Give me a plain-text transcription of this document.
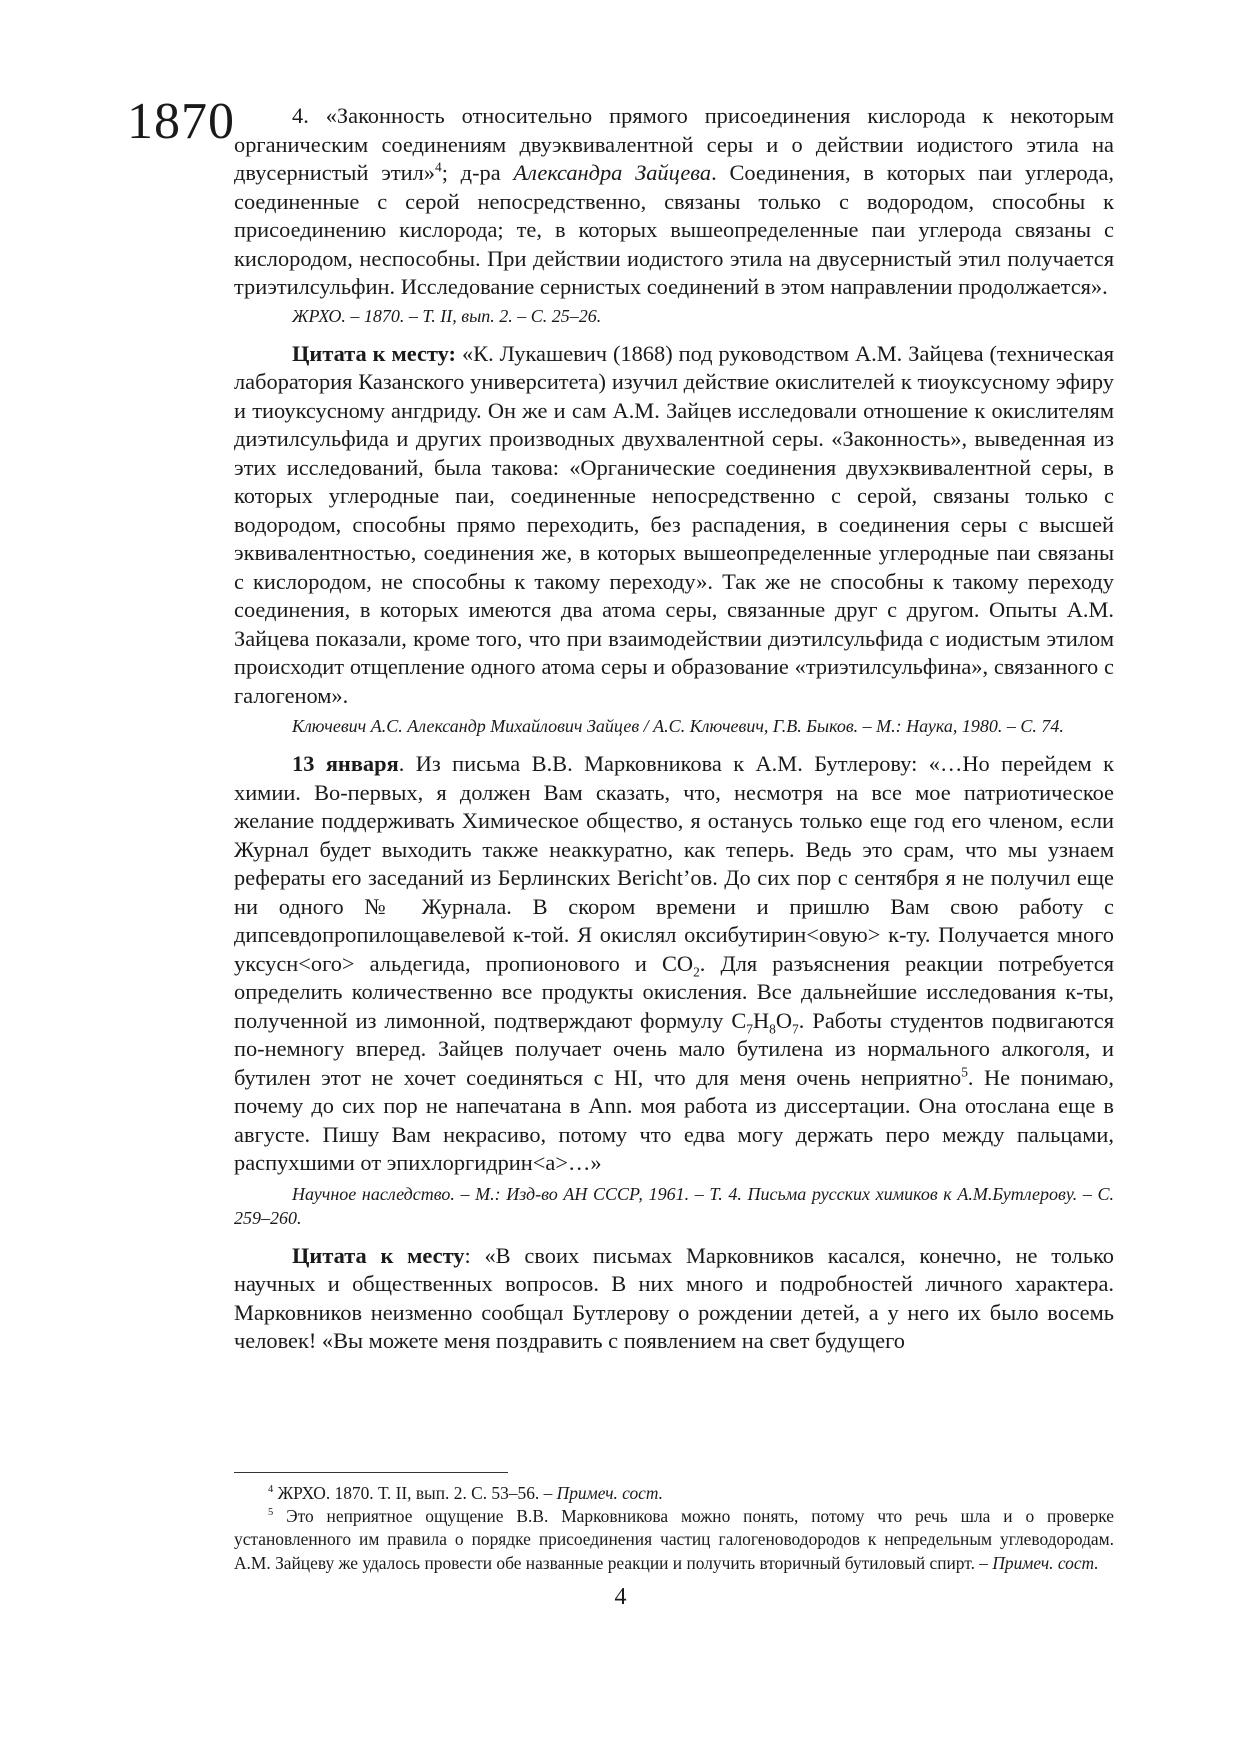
1870	4. «Законность относительно прямого присоединения кислорода к некоторым органическим соединениям двуэквивалентной серы и о действии иодистого этила на двусернистый этил»$^4$; д-ра Александра Зайцева. Соединения, в которых паи углерода, соединенные с серой непосредственно, связаны только с водородом, способны к присоединению кислорода; те, в которых вышеопределенные паи углерода связаны с кислородом, неспособны. При действии иодистого этила на двусернистый этил получается триэтилсульфин. Исследование сернистых соединений в этом направлении продолжается».

ЖРХО. – 1870. – Т. II, вып. 2. – С. 25–26.

Цитата к месту: «К. Лукашевич (1868) под руководством А.М. Зайцева (техническая лаборатория Казанского университета) изучил действие окислителей к тиоуксусному эфиру и тиоуксусному ангдриду. Он же и сам А.М. Зайцев исследовали отношение к окислителям диэтилсульфида и других производных двухвалентной серы. «Законность», выведенная из этих исследований, была такова: «Органические соединения двухэквивалентной серы, в которых углеродные паи, соединенные непосредственно с серой, связаны только с водородом, способны прямо переходить, без распадения, в соединения серы с высшей эквивалентностью, соединения же, в которых вышеопределенные углеродные паи связаны с кислородом, не способны к такому переходу». Так же не способны к такому переходу соединения, в которых имеются два атома серы, связанные друг с другом. Опыты А.М. Зайцева показали, кроме того, что при взаимодействии диэтилсульфида с иодистым этилом происходит отщепление одного атома серы и образование «триэтилсульфина», связанного с галогеном».

Ключевич А.С. Александр Михайлович Зайцев / А.С. Ключевич, Г.В. Быков. – М.: Наука, 1980. – С. 74.

13 января. Из письма В.В. Марковникова к А.М. Бутлерову: «…Но перейдем к химии. Во-первых, я должен Вам сказать, что, несмотря на все мое патриотическое желание поддерживать Химическое общество, я останусь только еще год его членом, если Журнал будет выходить также неаккуратно, как теперь. Ведь это срам, что мы узнаем рефераты его заседаний из Берлинских Bericht’ов. До сих пор с сентября я не получил еще ни одного № Журнала. В скором времени и пришлю Вам свою работу с дипсевдопропилощавелевой к-той. Я окислял оксибутирин<овую> к-ту. Получается много уксусн<ого> альдегида, пропионового и $CO_2$. Для разъяснения реакции потребуется определить количественно все продукты окисления. Все дальнейшие исследования к-ты, полученной из лимонной, подтверждают формулу $C_7H_8O_7$. Работы студентов подвигаются по-немногу вперед. Зайцев получает очень мало бутилена из нормального алкоголя, и бутилен этот не хочет соединяться с HI, что для меня очень неприятно$^5$. Не понимаю, почему до сих пор не напечатана в Ann. моя работа из диссертации. Она отослана еще в августе. Пишу Вам некрасиво, потому что едва могу держать перо между пальцами, распухшими от эпихлоргидрин<а>…»

Научное наследство. – М.: Изд-во АН СССР, 1961. – Т. 4. Письма русских химиков к А.М.Бутлерову. – С. 259–260.

Цитата к месту: «В своих письмах Марковников касался, конечно, не только научных и общественных вопросов. В них много и подробностей личного характера. Марковников неизменно сообщал Бутлерову о рождении детей, а у него их было восемь человек! «Вы можете меня поздравить с появлением на свет будущего

$^4$ ЖРХО. 1870. Т. II, вып. 2. С. 53–56. – Примеч. сост.

$^5$ Это неприятное ощущение В.В. Марковникова можно понять, потому что речь шла и о проверке установленного им правила о порядке присоединения частиц галогеноводородов к непредельным углеводородам. А.М. Зайцеву же удалось провести обе названные реакции и получить вторичный бутиловый спирт. – Примеч. сост.

4
